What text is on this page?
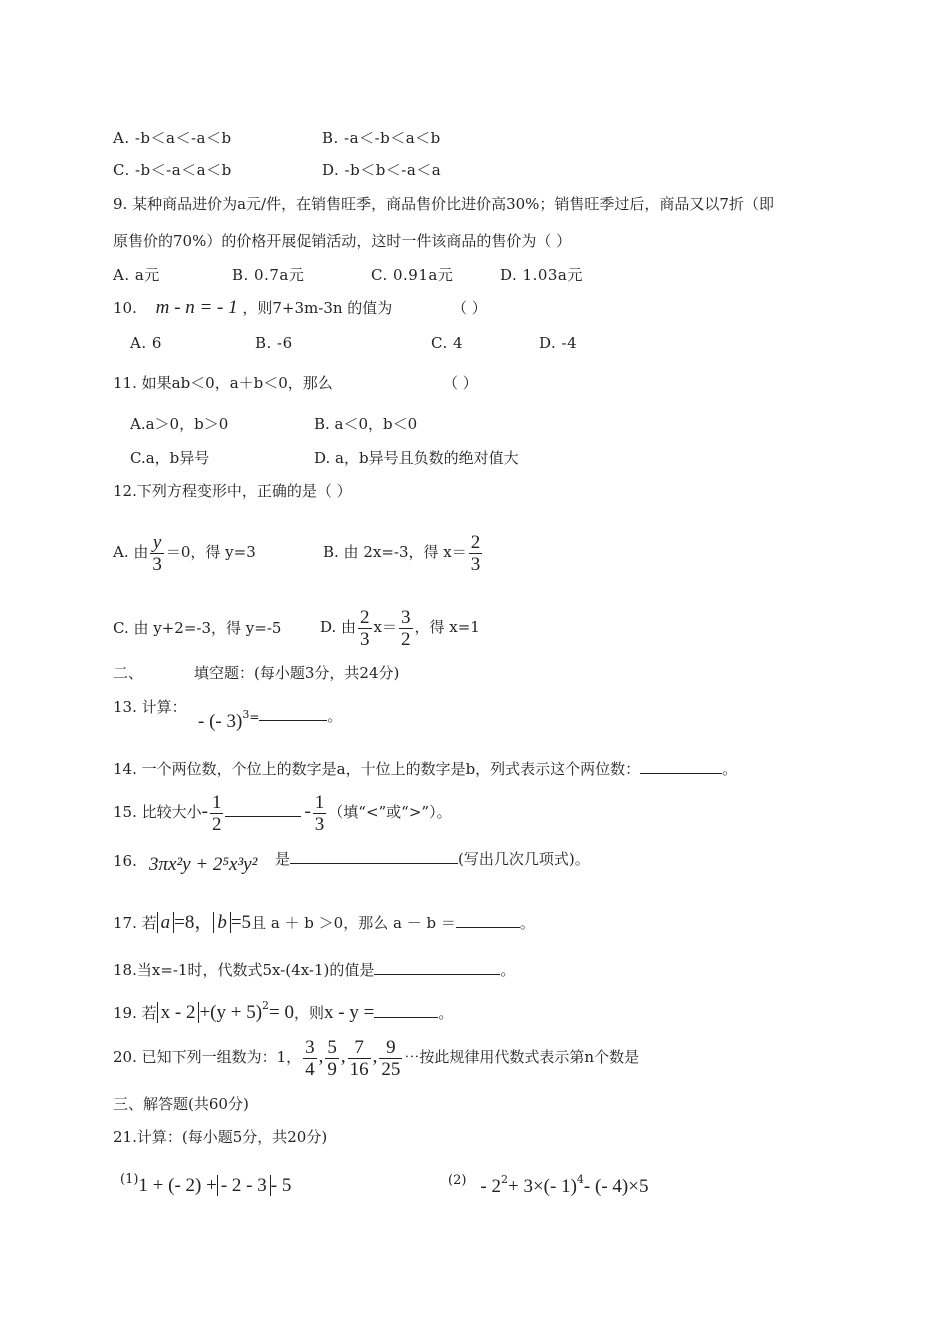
A. -b＜a＜-a＜b	B. -a＜-b＜a＜b
C. -b＜-a＜a＜b	D. -b＜b＜-a＜a
9. 某种商品进价为a元/件，在销售旺季，商品售价比进价高30%；销售旺季过后，商品又以7折（即
原售价的70%）的价格开展促销活动，这时一件该商品的售价为（ ）
A. a元	B. 0.7a元	C. 0.91a元	D. 1.03a元
10. m - n = - 1 ，则7+3m-3n 的值为	（ ）
A. 6	B. -6	C. 4	D. -4
11. 如果ab＜0，a＋b＜0，那么	（ ）
A.a＞0，b＞0	B. a＜0，b＜0
C.a，b异号	D. a，b异号且负数的绝对值大
12.下列方程变形中，正确的是（ ）
A. 由 $\frac{y}{3} =0$，得 y=3	B. 由 2x=-3，得 $x= \frac{2}{3}$
C. 由 y+2=-3，得 y=-5	D. 由 $\frac{2}{3} x= \frac{3}{2}$ ，得 x=1
二、	填空题：(每小题3分，共24分)
13. 计算：
- (- 3)$^{3=}$	。
14. 一个两位数，个位上的数字是a，十位上的数字是b，列式表示这个两位数：	。
15. 比较大小- $\frac{1}{2}$	- $\frac{1}{3}$ （填“<”或“>”）。
16. 3πx²y + 2⁵x³y² 是	(写出几次几项式)。
17. 若 a =8， b =5且 a ＋ b ＞0，那么 a － b ＝	。
18.当x=-1时，代数式5x-(4x-1)的值是	。
19. 若 $x - 2 +(y + 5)^2= 0$，则x - y =	。
20. 已知下列一组数为：1， $\frac{3}{4}$ , $\frac{5}{9}$ , $\frac{7}{16}$ , $\frac{9}{25}$ ⋯按此规律用代数式表示第n个数是
三、解答题(共60分)
21.计算：(每小题5分，共20分)
(1)1 + (- 2) + - 2 - 3 - 5	$(2) - 2^2+ 3\times(-$ 1)$^4$- (- 4)×5
